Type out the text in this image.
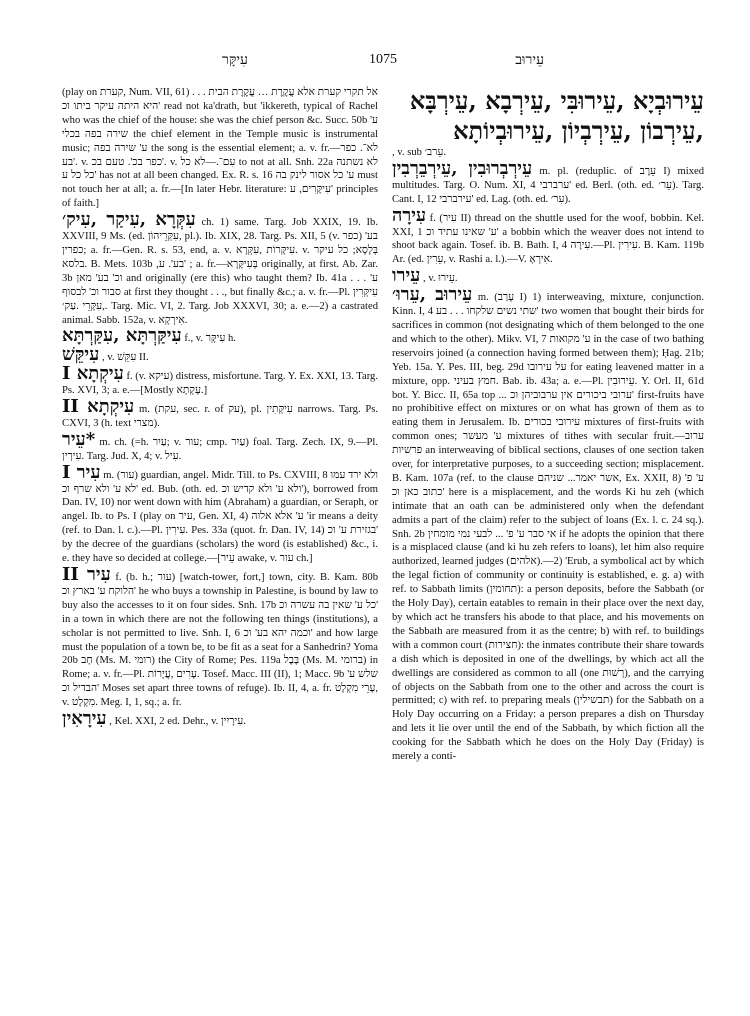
עִיקָּר	1075	עֵירוּב

(play on קערת, Num. VII, 61) . . . אל תקרי קערת אלא עֲקֶרֶת … עֲקֶרֶת הבית היא היתה עיקר ביתו וכ' read not ka'drath, but 'ikkereth, typical of Rachel who was the chief of the house: she was the chief person &c. Succ. 50b ע' שירה בפה בכלי the chief element in the Temple music is instrumental music; ע' שירה בפה the song is the essential element; a. v. fr.—לא־. כפר בע'. v. כפר בכ'. טעם בכ'. v. עִם־.—לא כל to not at all. Snh. 22a לא נשתנה כל כל ע' has not at all been changed. Ex. R. s. 16 ע' כל אסור לינק בה must not touch her at all; a. fr.—[In later Hebr. literature: עִיקָּרִים, ע' principles of faith.]

עִקְּרָא ,עִיקַר ,עִיק׳ ch. 1) same. Targ. Job XXIX, 19. Ib. XXVIII, 9 Ms. (ed. עִקְּרֵיהוֹן, pl.). Ib. XIX, 28. Targ. Ps. XII, 5 (v. כפר) בע' כפרין; a. fr.—Gen. R. s. 53, end, a. v. עִיקָּרוֹת ,עִקְּרָא. v. בְּלָסָא; כל עיקר בלסא. B. Mets. 103b ,בע'. ע' ; a. fr.—בְּעִיקָּרָא originally, at first. Ab. Zar. 3b וכ' בע' מאן and originally (ere this) who taught them? Ib. 41a . . . ע' סבור וכ' לבסוף at first they thought . . ., but finally &c.; a. v. fr.—Pl. עִיקְּרִין ,עִקָּרֵי .עַק׳. Targ. Mic. VI, 2. Targ. Job XXXVI, 30; a. e.—2) a castrated animal. Sabb. 152a, v. אִירְקָא.

עִיקַּרְתָּא ,עִקַּרְתָּא f., v. עִיקָּר h.

עִיקֵּשׁ , v. עִקֵּשׁ II.

עִיקְתָא I f. (v. עיקא) distress, misfortune. Targ. Y. Ex. XXI, 13. Targ. Ps. XVI, 3; a. e.—[Mostly עָקְתָא.]

עִיקְתָא II m. (עקת, sec. r. of עק), pl. עִיקְּתִין narrows. Targ. Ps. CXVI, 3 (h. text מצרי).

*עֵיר m. ch. (=h. עַיִר; v. עור; cmp. עַיִר) foal. Targ. Zech. IX, 9.—Pl. עִירְין. Targ. Jud. X, 4; v. עִיל.

עִיר I m. (עור) guardian, angel. Midr. Till. to Ps. CXVIII, 8 ולא ירד עמו לא ע' ולא שרף וכ' ed. Bub. (oth. ed. ולא ע' ולא קדיש וכ'), borrowed from Dan. IV, 10) nor went down with him (Abraham) a guardian, or Seraph, or angel. Ib. to Ps. I (play on עיר, Gen. XI, 4) ע' אלא אלוה 'ir means a deity (ref. to Dan. l. c.).—Pl. עִירִין. Pes. 33a (quot. fr. Dan. IV, 14) בגזירת ע' וכ' by the decree of the guardians (scholars) the word (is established) &c., i. e. they have so decided at college.—[עֵיר awake, v. עור ch.]

עִיר II f. (b. h.; עור) [watch-tower, fort,] town, city. B. Kam. 80b הלוקח ע' בארץ וכ' he who buys a township in Palestine, is bound by law to buy also the accesses to it on four sides. Snh. 17b כל ע' שאין בה עשרה וכ' in a town in which there are not the following ten things (institutions), a scholar is not permitted to live. Snh. I, 6 וכמה יהא בע' וכ' and how large must the population of a town be, to be fit as a seat for a Sanhedrin? Yoma 20b חָב (Ms. M. רומי) the City of Rome; Pes. 119a בָּבֶל (Ms. M. ברומי) in Rome; a. v. fr.—Pl. עָרִים ,עֲיָרוֹת. Tosef. Macc. III (II), 1; Macc. 9b שלש ע' הבדיל וכ' Moses set apart three towns of refuge). Ib. II, 4, a. fr. עָרֵי מִקְלָט, v. מִקְלָט. Meg. I, 1, sq.; a. fr.

עִירָאִין , Kel. XXI, 2 ed. Dehr., v. עִירָיִין.

עֵירוּבְיָא ,עֵירוּבִּי ,עֵירְבָא ,עֵירְבָּא ,עֵירְבוֹן ,עֵירְבְיוֹן ,עֵירוּבְיוֹתָא

, v. sub עֵרב׳.

עֵירְבְרוּבִין ,עֵירְבֵרְבִין m. pl. (reduplic. of עֵרֶב I) mixed multitudes. Targ. O. Num. XI, 4 ערברבי' ed. Berl. (oth. ed. עֵר׳). Targ. Cant. I, 12 עירברבי' ed. Lag. (oth. ed. עִר׳).

עִירָה f. (עִיר II) thread on the shuttle used for the woof, bobbin. Kel. XXI, 1 ע' שאינו עתיד וכ' a bobbin which the weaver does not intend to shoot back again. Tosef. ib. B. Bath. I, 4 עִירָה.—Pl. עִירִין. B. Kam. 119b Ar. (ed. עֵרִין, v. Rashi a. l.).—V. אִירְאָ.

עֵירו , v. עֵירוּ.

עֵירוּב ,עֵרוּ׳ m. (עָרַב I) 1) interweaving, mixture, conjunction. Kinn. I, 4 שתי נשים שלקחו . . . בע' two women that bought their birds for sacrifices in common (not designating which of them belonged to the one and which to the other). Mikv. VI, 7 ע' מקואות in the case of two bathing reservoirs joined (a connection having formed between them); Ḥag. 21b; Yeb. 15a. Y. Pes. III, beg. 29d על עירובו for eating leavened matter in a mixture, opp. חמץ בעיני. Bab. ib. 43a; a. e.—Pl. עֵירוּבִין. Y. Orl. II, 61d bot. Y. Bicc. II, 65a top ... ערובי ביכורים אין ערבוביהן וכ' first-fruits have no prohibitive effect on mixtures or on what has grown of them as to eating them in Jerusalem. Ib. עירובי בכורים mixtures of first-fruits with common ones; ע' מעשר mixtures of tithes with secular fruit.—ערוב פרשיות an interweaving of biblical sections, clauses of one section taken over, for interpretative purposes, to a succeeding section; misplacement. B. Kam. 107a (ref. to the clause אשר יאמר... שניהם, Ex. XXII, 8) ע' פ' כתוב כאן וכ' here is a misplacement, and the words Ki hu zeh (which intimate that an oath can be administered only when the defendant admits a part of the claim) refer to the subject of loans (Ex. l. c. 24 sq.). Snh. 2b אי סבר ע' פ' ... לבעי נמי מומחין if he adopts the opinion that there is a misplaced clause (and ki hu zeh refers to loans), let him also require authorized, learned judges (אלהים).—2) 'Erub, a symbolical act by which the legal fiction of community or continuity is established, e. g. a) with ref. to Sabbath limits (תחומין): a person deposits, before the Sabbath (or the Holy Day), certain eatables to remain in their place over the next day, by which act he transfers his abode to that place, and his movements on the Sabbath are measured from it as the centre; b) with ref. to buildings with a common court (חצירות): the inmates contribute their share towards a dish which is deposited in one of the dwellings, by which act all the dwellings are considered as common to all (one רְשׁוּת), and the carrying of objects on the Sabbath from one to the other and across the court is permitted; c) with ref. to preparing meals (תבשילין) for the Sabbath on a Holy Day occurring on a Friday: a person prepares a dish on Thursday and lets it lie over until the end of the Sabbath, by which fiction all the cooking for the Sabbath which he does on the Holy Day (Friday) is merely a conti-
